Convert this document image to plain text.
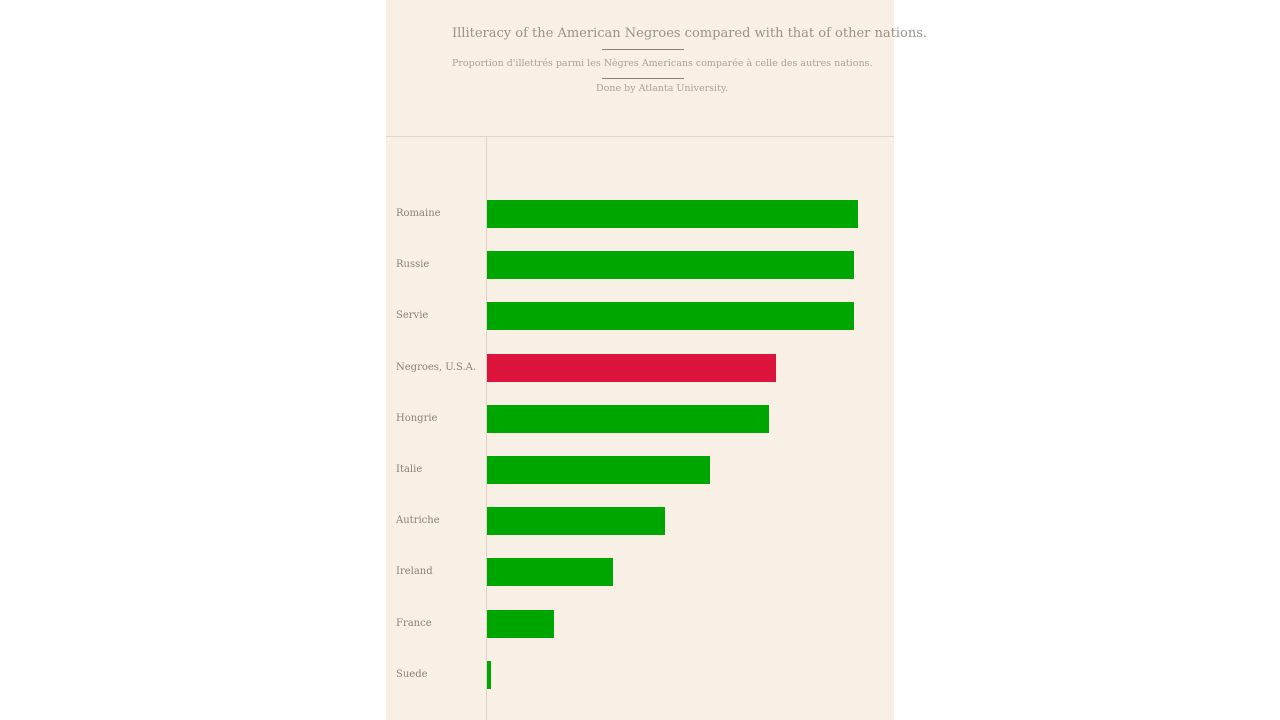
Illiteracy of the American Negroes compared with that of other nations.
Proportion d'illettrés parmi les Nègres Americans comparée à celle des autres nations.
Done by Atlanta University.
Romaine
Russie
Servie
Negroes, U.S.A.
Hongrie
Italie
Autriche
Ireland
France
Suede
